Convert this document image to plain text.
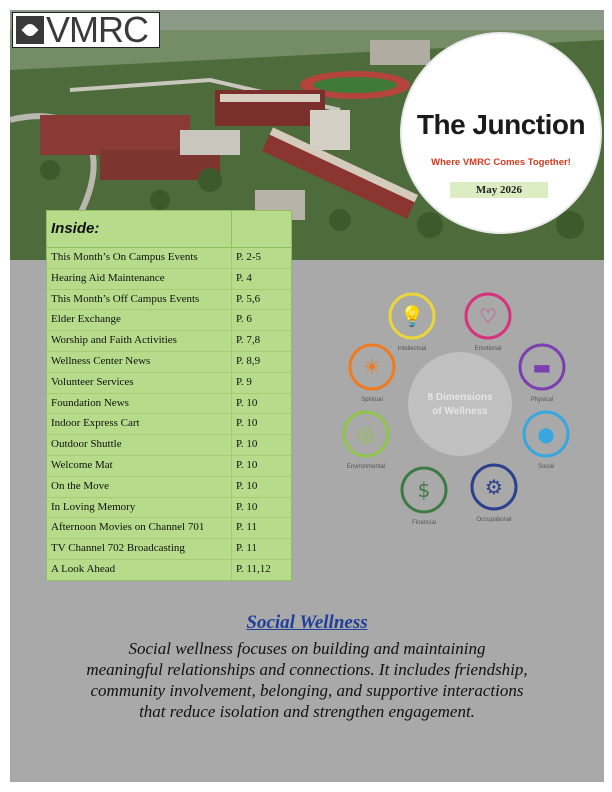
VMRC
The Junction
Where VMRC Comes Together!
May 2026
Inside:
This Month’s On Campus Events	P. 2-5
Hearing Aid Maintenance	P. 4
This Month’s Off Campus Events	P. 5,6
Elder Exchange	P. 6
Worship and Faith Activities	P. 7,8
Wellness Center News	P. 8,9
Volunteer Services	P. 9
Foundation News	P. 10
Indoor Express Cart	P. 10
Outdoor Shuttle	P. 10
Welcome Mat	P. 10
On the Move	P. 10
In Loving Memory	P. 10
Afternoon Movies on Channel 701	P. 11
TV Channel 702 Broadcasting	P. 11
A Look Ahead	P. 11,12
8 Dimensions
of Wellness
💡
Intellectual
♡
Emotional
▬
Physical
●
Social
⚙
Occupational
$
Financial
◎
Environmental
☀
Spiritual
Social Wellness
Social wellness focuses on building and maintaining
meaningful relationships and connections. It includes friendship,
community involvement, belonging, and supportive interactions
that reduce isolation and strengthen engagement.
